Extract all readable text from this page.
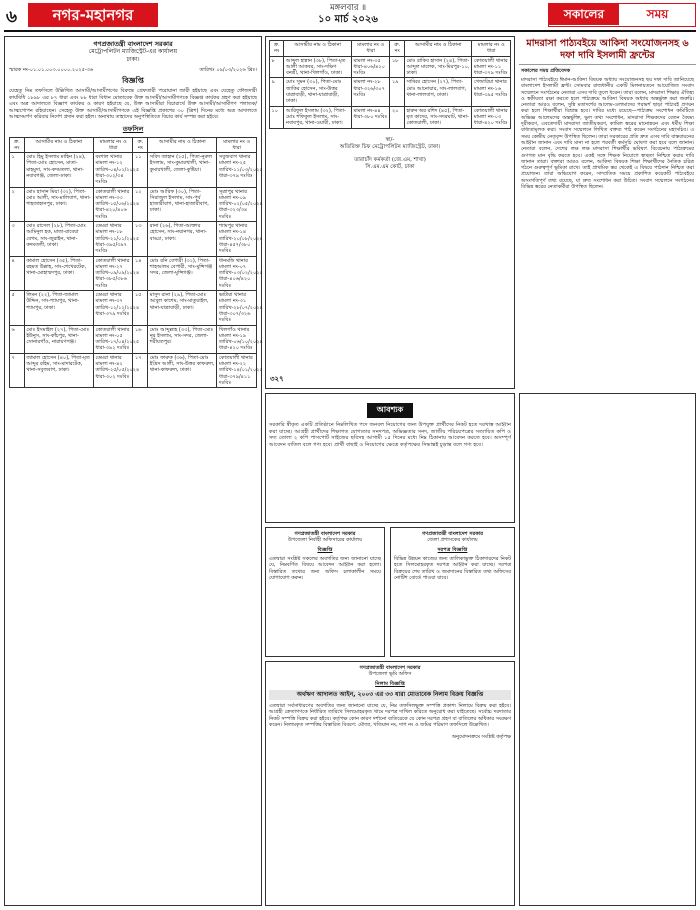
৬	নগর-মহানগর	মঙ্গলবার ॥
১০ মার্চ ২০২৬	সকালের	সময়
গণপ্রজাতন্ত্রী বাংলাদেশ সরকার
মেট্রোপলিটন ম্যাজিস্ট্রেট-এর কার্যালয়
ঢাকা।
স্মারক নং-০১.০১.০০৩.০০০০.২০২৫-৩৬	তারিখঃ ০৯/০৩/২০২৬ খ্রিঃ।
বিজ্ঞপ্তি
যেহেতু নিম্ন তফসিলে উল্লিখিত আসামী/আসামীগণের বিরুদ্ধে গ্রেফতারী পরোয়ানা জারী হইয়াছে এবং যেহেতু ফৌজদারী কার্যবিধি ১৮৯৮ এর ৮৭ ধারা এবং ৮৮ ধারা বিধান মোতাবেক উক্ত আসামী/আসামীগণকে বিজ্ঞপ্ত কার্যকর গ্রহণ করা হইয়াছে এবং অত্র আদালতে বিজ্ঞাপ কার্যকর ও কারণ হইয়াছে যে, উক্ত আসামীরা বিচারার্থে উক্ত আসামী/আসামীগণ পলাতক/আত্মগোপন রহিয়াছেন। সেহেতু উক্ত আসামী/আসামীগণকে এই বিজ্ঞপ্তি প্রকাশের ৩০ (ত্রিশ) দিনের মধ্যে অত্র আদালতে আত্মসমর্পণ করিবার নির্দেশ প্রদান করা হইল। অন্যথায় তাহাদের অনুপস্থিতিতে বিচার কার্য সম্পন্ন করা হইবে।
তফসিল
ক্র. নং	আসামীর নাম ও ঠিকানা	মামলার নং ও ধারা	ক্র. নং	আসামীর নাম ও ঠিকানা	মামলার নং ও ধারা
১	মোঃ হিমু ইসলাম মাহিন (২৪), পিতা-মোঃ হোসেন, মাতা-মাহমুদা, সাং-কদমতলা, থানা-নবাবগঞ্জ, জেলা-ঢাকা।	বংশাল থানার মামলা নং-১২ তারিখ-০৪/০২/২০২৫ ধারা-৩০২/৩৪ দঃবিঃ	১১	সবিদ জাহান (২৫), পিতা-নুরুল ইসলাম, সাং-কুমারখালী, থানা-কুমারখালী, জেলা-কুষ্টিয়া।	সবুজবাগ থানার মামলা নং-২৫ তারিখ-১১/০৩/২০২৫ ধারা-৩৭৯ দঃবিঃ
২	মোঃ হাসান মিয়া (৩২), পিতা-মোঃ আলী, সাং-মালিবাগ, থানা-শাহজাহানপুর, ঢাকা।	কোতয়ালী থানার মামলা নং-৩৩ তারিখ-১৫/০৬/২০২৪ ধারা-৪২০/৪০৬ দঃবিঃ	১২	মোঃ আরিফ (৩০), পিতা-সিরাজুল ইসলাম, সাং-পূর্ব হাজারীবাগ, থানা-হাজারীবাগ, ঢাকা।	সূত্রাপুর থানার মামলা নং-০৯ তারিখ-০২/০৫/২০২৪ ধারা-৩২৩/৩৪ দঃবিঃ
৩	মোঃ রাসেল (২৮), পিতা-মোঃ আমিনুল হক, মাতা-রাবেয়া বেগম, সাং-জুরাইন, থানা-কদমতলী, ঢাকা।	ডেমরা থানার মামলা নং-১৮ তারিখ-২১/০১/২০২৫ ধারা-৩৯৫/৩৯৭ দঃবিঃ	১৩	রানা (২৬), পিতা-আক্তার হোসেন, সাং-নয়ানগর, থানা-বাড্ডা, ঢাকা।	শ্যামপুর থানার মামলা নং-১৪ তারিখ-২০/০৮/২০২৪ ধারা-৪৫৭/৩৮০ দঃবিঃ
৪	কামাল হোসেন (৩৫), পিতা-রহমত উল্লাহ, সাং-শেখেরটেক, থানা-মোহাম্মদপুর, ঢাকা।	কোতয়ালী থানার মামলা নং-২৭ তারিখ-০৯/০৯/২০২৪ ধারা-৩৮৫/৩৮৬ দঃবিঃ	১৪	মোঃ রনি বেপারী (৩১), পিতা-শাহআলম বেপারী, সাং-মুন্সিগঞ্জ সদর, জেলা-মুন্সিগঞ্জ।	ধানমন্ডি থানার মামলা নং-০৭ তারিখ-০৩/০২/২০২৫ ধারা-৪০৬/৪২০ দঃবিঃ
৫	লিমন (২২), পিতা-জামাল উদ্দিন, সাং-শ্যামপুর, থানা-শ্যামপুর, ঢাকা।	ডেমরা থানার মামলা নং-৩৭ তারিখ-১২/১২/২০২৪ ধারা-৩৭৯ দঃবিঃ	১৫	মাসুদ রানা (২৯), পিতা-মোঃ আবুল কাশেম, সাং-মাতুয়াইল, থানা-যাত্রাবাড়ী, ঢাকা।	ভাটারা থানার মামলা নং-৩১ তারিখ-২৮/০৭/২০২৪ ধারা-৩০৭/৩২৬ দঃবিঃ
৬	মোঃ ইসমাইল (২৭), পিতা-মোঃ ইউনুস, সাং-কাঁচপুর, থানা-সোনারগাঁও, নারায়ণগঞ্জ।	কোতয়ালী থানার মামলা নং-০৫ তারিখ-১৭/০৪/২০২৫ ধারা-৩৯২ দঃবিঃ	১৬	মোঃ আব্দুল্লাহ (৩৩), পিতা-মোঃ নূর ইসলাম, সাং-সদর, জেলা-শরীয়তপুর।	খিলগাঁও থানার মামলা নং-১৯ তারিখ-০৬/১০/২০২৪ ধারা-৪২০ দঃবিঃ
৭	জামাল হোসেন (৪০), পিতা-মৃত আব্দুর রহিম, সাং-মাদারটেক, থানা-সবুজবাগ, ঢাকা।	ডেমরা থানার মামলা নং-৪২ তারিখ-২৫/০৫/২০২৪ ধারা-৩০২ দঃবিঃ	১৭	মোঃ ফারুক (৩৬), পিতা-মোঃ ইদ্রিস আলী, সাং-উত্তর কাফরুল, থানা-কাফরুল, ঢাকা।	কোতয়ালী থানার মামলা নং-২২ তারিখ-১৪/০১/২০২৫ ধারা-৩৭৯/৪১১ দঃবিঃ
ক্র. নং	আসামীর নাম ও ঠিকানা	মামলার নং ও ধারা	ক্র. নং	আসামীর নাম ও ঠিকানা	মামলার নং ও ধারা
৮	আব্দুল হান্নান (৩৮), পিতা-মৃত আলী আকবর, সাং-দক্ষিণ বনশ্রী, থানা-খিলগাঁও, ঢাকা।	মামলা নং-৩৫ ধারা-৪০৬/৪২০ দঃবিঃ	১৮	মোঃ রাকিব হাসান (২৪), পিতা-আব্দুল মালেক, সাং-মিরপুর-১০, ঢাকা।	কোতয়ালী থানার মামলা নং-১১ ধারা-৩৭৯ দঃবিঃ
৯	মোঃ সুমন (৩০), পিতা-মোঃ জাকির হোসেন, সাং-উত্তর যাত্রাবাড়ী, থানা-যাত্রাবাড়ী, ঢাকা।	মামলা নং-২৮ ধারা-৩২৬/৩০৭ দঃবিঃ	১৯	সাব্বির হোসেন (২৭), পিতা-মোঃ আনোয়ার, সাং-লালবাগ, থানা-লালবাগ, ঢাকা।	গেন্ডারিয়া থানার মামলা নং-১৬ ধারা-৩৯৫ দঃবিঃ
১০	আরিফুল ইসলাম (৩২), পিতা-মোঃ শফিকুল ইসলাম, সাং-নবাবপুর, থানা-ওয়ারী, ঢাকা।	মামলা নং-৪৪ ধারা-৩৮০ দঃবিঃ	২০	হারুন অর রশিদ (৪৫), পিতা-মৃত কাদের, সাং-সদরঘাট, থানা-কোতয়ালী, ঢাকা।	কোতয়ালী থানার মামলা নং-০৩ ধারা-৪২০ দঃবিঃ
স্বা/-
অতিরিক্ত চিফ মেট্রোপলিটন ম্যাজিস্ট্রেট, ঢাকা।
তারাচাঁদ কর্মকর্তা (জে.এম, শাখা)
সি.এম.এম কোর্ট, ঢাকা
৩২৭
মাদরাসা পাঠ্যবইয়ে আকিদা সংযোজনসহ ৬ দফা দাবি ইসলামী ফ্রন্টের
সকালের সময় প্রতিবেদক
মাদরাসা পাঠ্যবইয়ে ঈমান-আকিদা বিষয়ক অধ্যায় সংযোজনসহ ছয় দফা দাবি জানিয়েছে বাংলাদেশ ইসলামী ফ্রন্ট। সোমবার রাজধানীর একটি মিলনায়তনে আয়োজিত সংবাদ সম্মেলনে সংগঠনের নেতারা এসব দাবি তুলে ধরেন। তারা বলেন, মাদরাসা শিক্ষার ঐতিহ্য ও স্বকীয়তা রক্ষা করতে হলে পাঠ্যক্রমে আকিদা বিষয়ক অধ্যায় অন্তর্ভুক্ত করা জরুরি। নেতারা আরও বলেন, সুন্নি মতাদর্শের আলেম-ওলামাদের পরামর্শ ছাড়া পাঠ্যবই প্রণয়ন করা হলে শিক্ষার্থীরা বিভ্রান্ত হবে। দাবির মধ্যে রয়েছে—পাঠ্যক্রম সংশোধন কমিটিতে অভিজ্ঞ আলেমদের অন্তর্ভুক্তি, ভুল তথ্য সংশোধন, মাদরাসা শিক্ষকদের বেতন বৈষম্য দূরীকরণ, এবতেদায়ী মাদরাসা জাতীয়করণ, কামিল স্তরের মানোন্নয়ন এবং ধর্মীয় শিক্ষা বাধ্যতামূলক করা। সংবাদ সম্মেলনে লিখিত বক্তব্য পাঠ করেন সংগঠনের মহাসচিব। এ সময় কেন্দ্রীয় নেতৃবৃন্দ উপস্থিত ছিলেন। তারা সরকারের প্রতি দ্রুত এসব দাবি বাস্তবায়নের আহ্বান জানান এবং দাবি মানা না হলে পরবর্তী কর্মসূচি ঘোষণা করা হবে বলে জানান। নেতারা বলেন, দেশের লক্ষ লক্ষ মাদরাসা শিক্ষার্থীর ভবিষ্যৎ বিবেচনায় পাঠ্যক্রমের গুণগত মান বৃদ্ধি করতে হবে। একই সঙ্গে শিক্ষক নিয়োগে স্বচ্ছতা নিশ্চিত করার দাবি জানান তারা। বক্তারা আরও বলেন, আকিদা বিষয়ক শিক্ষা শিক্ষার্থীদের নৈতিক চরিত্র গঠনে গুরুত্বপূর্ণ ভূমিকা রাখে। তাই প্রাথমিক স্তর থেকেই এ বিষয়ে পাঠদান নিশ্চিত করা প্রয়োজন। তারা অভিযোগ করেন, সাম্প্রতিক সময়ে প্রকাশিত কয়েকটি পাঠ্যবইয়ে অসংগতিপূর্ণ তথ্য রয়েছে, যা দ্রুত সংশোধন করা উচিত। সংবাদ সম্মেলনে সংগঠনের বিভিন্ন স্তরের নেতাকর্মীরা উপস্থিত ছিলেন।
আবশ্যক
সরকারি স্বীকৃত একটি প্রতিষ্ঠানে নিম্নলিখিত পদে জনবল নিয়োগের জন্য উপযুক্ত প্রার্থীদের নিকট হতে দরখাস্ত আহ্বান করা যাচ্ছে। আগ্রহী প্রার্থীদের শিক্ষাগত যোগ্যতার সনদপত্র, অভিজ্ঞতার সনদ, জাতীয় পরিচয়পত্রের সত্যায়িত কপি ও সদ্য তোলা ২ কপি পাসপোর্ট সাইজের ছবিসহ আগামী ১৫ দিনের মধ্যে নিম্ন ঠিকানায় আবেদন করতে হবে। অসম্পূর্ণ আবেদন বাতিল বলে গণ্য হবে। প্রার্থী বাছাই ও নিয়োগের ক্ষেত্রে কর্তৃপক্ষের সিদ্ধান্তই চূড়ান্ত বলে গণ্য হবে।
গণপ্রজাতন্ত্রী বাংলাদেশ সরকার
উপজেলা নির্বাহী অফিসারের কার্যালয়
বিজ্ঞপ্তি
এতদ্বারা সংশ্লিষ্ট সকলের অবগতির জন্য জানানো যাচ্ছে যে, নিম্নবর্ণিত বিষয়ে আবেদন আহ্বান করা হলো। বিস্তারিত তথ্যের জন্য অফিস চলাকালীন সময়ে যোগাযোগ করুন।
গণপ্রজাতন্ত্রী বাংলাদেশ সরকার
জেলা প্রশাসকের কার্যালয়
দরপত্র বিজ্ঞপ্তি
বিভিন্ন উন্নয়ন কাজের জন্য তালিকাভুক্ত ঠিকাদারদের নিকট হতে সিলমোহরকৃত দরপত্র আহ্বান করা যাচ্ছে। দরপত্র বিক্রয়ের শেষ তারিখ ও জমাদানের বিস্তারিত তথ্য অফিসের নোটিশ বোর্ডে পাওয়া যাবে।
গণপ্রজাতন্ত্রী বাংলাদেশ সরকার
উপজেলা ভূমি অফিস
নিলাম বিজ্ঞপ্তি
অর্থঋণ আদালত আইন, ২০০৩ এর ৩৩ ধারা মোতাবেক নিলাম বিক্রয় বিজ্ঞপ্তি
এতদ্বারা সর্বসাধারণের অবগতির জন্য জানানো যাচ্ছে যে, নিম্ন তফসিলভুক্ত সম্পত্তি প্রকাশ্য নিলামে বিক্রয় করা হইবে। আগ্রহী ক্রেতাগণকে নির্ধারিত তারিখে সিলমোহরকৃত খামে দরপত্র দাখিল করিতে অনুরোধ করা যাইতেছে। সর্বোচ্চ দরদাতার নিকট সম্পত্তি বিক্রয় করা হইবে। কর্তৃপক্ষ কোন কারণ দর্শানো ব্যতিরেকে যে কোন দরপত্র গ্রহণ বা বাতিলের অধিকার সংরক্ষণ করেন। নিলামকৃত সম্পত্তির বিস্তারিত বিবরণ: মৌজা, খতিয়ান নং, দাগ নং ও জমির পরিমাণ তফসিলে উল্লেখিত।
অনুমোদনক্রমে সংশ্লিষ্ট কর্তৃপক্ষ
